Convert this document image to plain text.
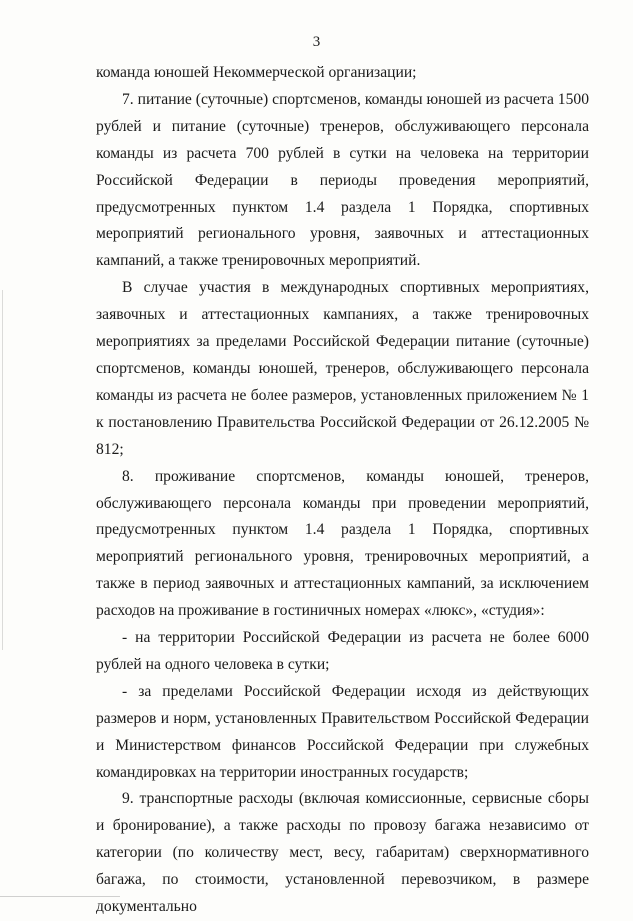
3

команда юношей Некоммерческой организации;

7. питание (суточные) спортсменов, команды юношей из расчета 1500 рублей и питание (суточные) тренеров, обслуживающего персонала команды из расчета 700 рублей в сутки на человека на территории Российской Федерации в периоды проведения мероприятий, предусмотренных пунктом 1.4 раздела 1 Порядка, спортивных мероприятий регионального уровня, заявочных и аттестационных кампаний, а также тренировочных мероприятий.

В случае участия в международных спортивных мероприятиях, заявочных и аттестационных кампаниях, а также тренировочных мероприятиях за пределами Российской Федерации питание (суточные) спортсменов, команды юношей, тренеров, обслуживающего персонала команды из расчета не более размеров, установленных приложением № 1 к постановлению Правительства Российской Федерации от 26.12.2005 № 812;

8. проживание спортсменов, команды юношей, тренеров, обслуживающего персонала команды при проведении мероприятий, предусмотренных пунктом 1.4 раздела 1 Порядка, спортивных мероприятий регионального уровня, тренировочных мероприятий, а также в период заявочных и аттестационных кампаний, за исключением расходов на проживание в гостиничных номерах «люкс», «студия»:

- на территории Российской Федерации из расчета не более 6000 рублей на одного человека в сутки;

- за пределами Российской Федерации исходя из действующих размеров и норм, установленных Правительством Российской Федерации и Министерством финансов Российской Федерации при служебных командировках на территории иностранных государств;

9. транспортные расходы (включая комиссионные, сервисные сборы и бронирование), а также расходы по провозу багажа независимо от категории (по количеству мест, весу, габаритам) сверхнормативного багажа, по стоимости, установленной перевозчиком, в размере документально
